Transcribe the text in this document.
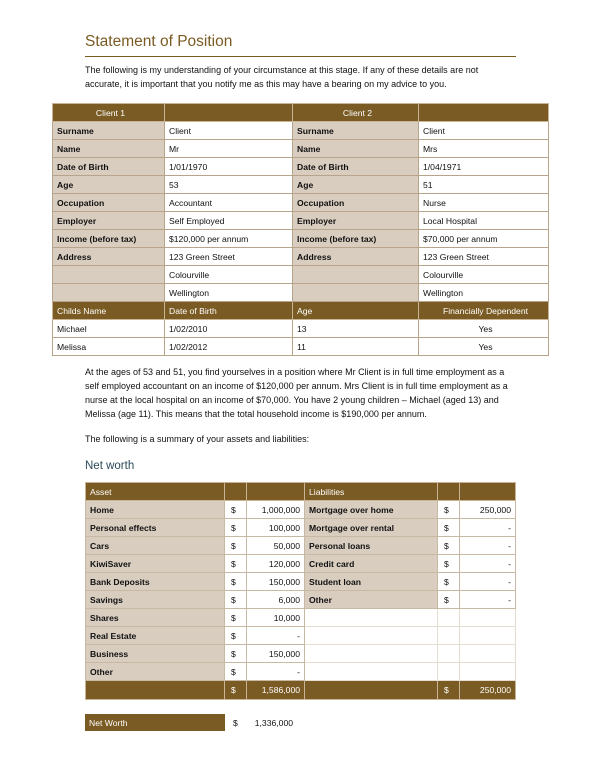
Statement of Position
The following is my understanding of your circumstance at this stage. If any of these details are not accurate, it is important that you notify me as this may have a bearing on my advice to you.
Client 1		Client 2	
Surname	Client	Surname	Client
Name	Mr	Name	Mrs
Date of Birth	1/01/1970	Date of Birth	1/04/1971
Age	53	Age	51
Occupation	Accountant	Occupation	Nurse
Employer	Self Employed	Employer	Local Hospital
Income (before tax)	$120,000 per annum	Income (before tax)	$70,000 per annum
Address	123 Green Street	Address	123 Green Street
	Colourville		Colourville
	Wellington		Wellington
Childs Name	Date of Birth	Age	Financially Dependent
Michael	1/02/2010	13	Yes
Melissa	1/02/2012	11	Yes
At the ages of 53 and 51, you find yourselves in a position where Mr Client is in full time employment as a self employed accountant on an income of $120,000 per annum. Mrs Client is in full time employment as a nurse at the local hospital on an income of $70,000. You have 2 young children – Michael (aged 13) and Melissa (age 11). This means that the total household income is $190,000 per annum.
The following is a summary of your assets and liabilities:
Net worth
Asset			Liabilities		
Home	$	1,000,000	Mortgage over home	$	250,000
Personal effects	$	100,000	Mortgage over rental	$	-
Cars	$	50,000	Personal loans	$	-
KiwiSaver	$	120,000	Credit card	$	-
Bank Deposits	$	150,000	Student loan	$	-
Savings	$	6,000	Other	$	-
Shares	$	10,000			
Real Estate	$	-			
Business	$	150,000			
Other	$	-			
	$	1,586,000		$	250,000
Net Worth	$	1,336,000
